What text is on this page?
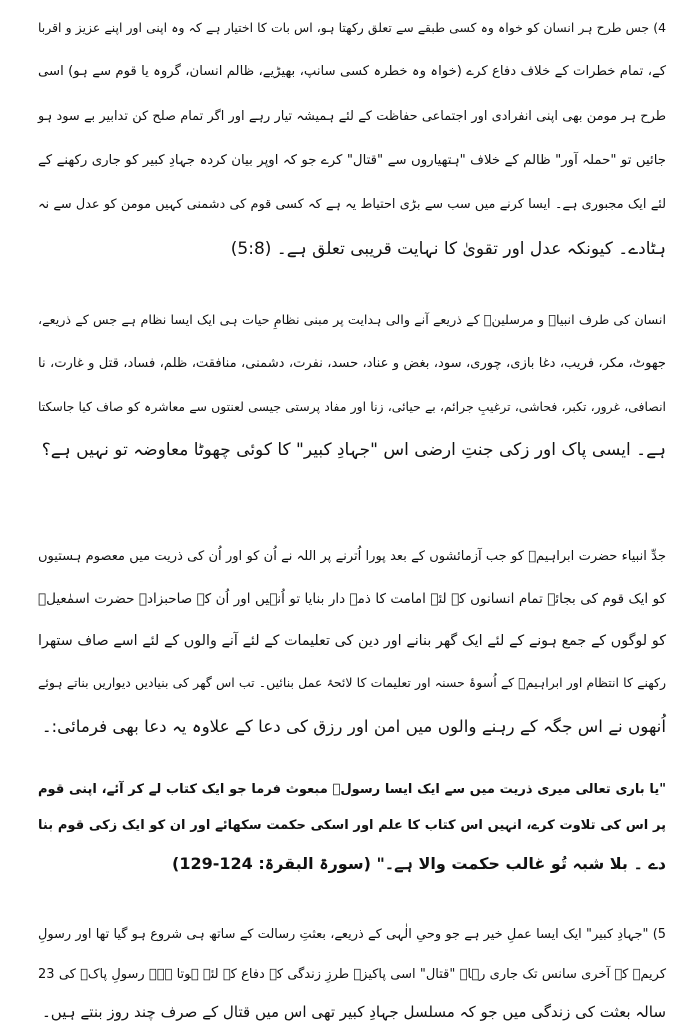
4) جس طرح ہر انسان کو خواہ وہ کسی طبقے سے تعلق رکھتا ہو، اس بات کا اختیار ہے کہ وہ اپنی اور اپنے عزیز و اقربا
کے، تمام خطرات کے خلاف دفاع کرے (خواہ وہ خطرہ کسی سانپ، بھیڑیے، ظالم انسان، گروہ یا قوم سے ہو) اسی
طرح ہر مومن بھی اپنی انفرادی اور اجتماعی حفاظت کے لئے ہمیشہ تیار رہے اور اگر تمام صلح کن تدابیر بے سود ہو
جائیں تو "حملہ آور" ظالم کے خلاف "ہتھیاروں سے "قتال" کرے جو کہ اوپر بیان کردہ جہادِ کبیر کو جاری رکھنے کے
لئے ایک مجبوری ہے۔ ایسا کرنے میں سب سے بڑی احتیاط یہ ہے کہ کسی قوم کی دشمنی کہیں مومن کو عدل سے نہ
ہٹادے۔ کیونکہ عدل اور تقویٰ کا نہایت قریبی تعلق ہے۔ (5:8)
انسان کی طرف انبیاؑ و مرسلینؑ کے ذریعے آنے والی ہدایت پر مبنی نظامِ حیات ہی ایک ایسا نظام ہے جس کے ذریعے،
جھوٹ، مکر، فریب، دغا بازی، چوری، سود، بغض و عناد، حسد، نفرت، دشمنی، منافقت، ظلم، فساد، قتل و غارت، نا
انصافی، غرور، تکبر، فحاشی، ترغیبِ جرائم، بے حیائی، زنا اور مفاد پرستی جیسی لعنتوں سے معاشرہ کو صاف کیا جاسکتا
ہے۔ ایسی پاک اور زکی جنتِ ارضی اس "جہادِ کبیر" کا کوئی چھوٹا معاوضہ تو نہیں ہے؟
جدِّ انبیاء حضرت ابراہیمؑ کو جب آزمائشوں کے بعد پورا اُترنے پر اللہ نے اُن کو اور اُن کی ذریت میں معصوم ہستیوں
کو ایک قوم کی بجائے تمام انسانوں کے لئے امامت کا ذمہ دار بنایا تو اُنہیں اور اُن کے صاحبزادے حضرت اسمٰعیلؑ
کو لوگوں کے جمع ہونے کے لئے ایک گھر بنانے اور دین کی تعلیمات کے لئے آنے والوں کے لئے اسے صاف ستھرا
رکھنے کا انتظام اور ابراہیمؑ کے اُسوۂ حسنہ اور تعلیمات کا لائحۂ عمل بنائیں۔ تب اس گھر کی بنیادیں دیواریں بناتے ہوئے
اُنھوں نے اس جگہ کے رہنے والوں میں امن اور رزق کی دعا کے علاوہ یہ دعا بھی فرمائی:۔
"یا باری تعالی میری ذریت میں سے ایک ایسا رسولؐ مبعوث فرما جو ایک کتاب لے کر آئے، اپنی قوم
پر اس کی تلاوت کرے، انہیں اس کتاب کا علم اور اسکی حکمت سکھائے اور ان کو ایک زکی قوم بنا
دے ۔ بلا شبہ تُو غالب حکمت والا ہے۔" (سورۃ البقرۃ: 124-129)
5) "جہادِ کبیر" ایک ایسا عملِ خیر ہے جو وحیِ الٰہی کے ذریعے، بعثتِ رسالت کے ساتھ ہی شروع ہو گیا تھا اور رسولِ
کریمؐ کے آخری سانس تک جاری رہا۔ "قتال" اسی پاکیزہ طرزِ زندگی کے دفاع کے لئے ہوتا ہے۔ رسولِ پاکؐ کی 23
سالہ بعثت کی زندگی میں جو کہ مسلسل جہادِ کبیر تھی اس میں قتال کے صرف چند روز بنتے ہیں۔
